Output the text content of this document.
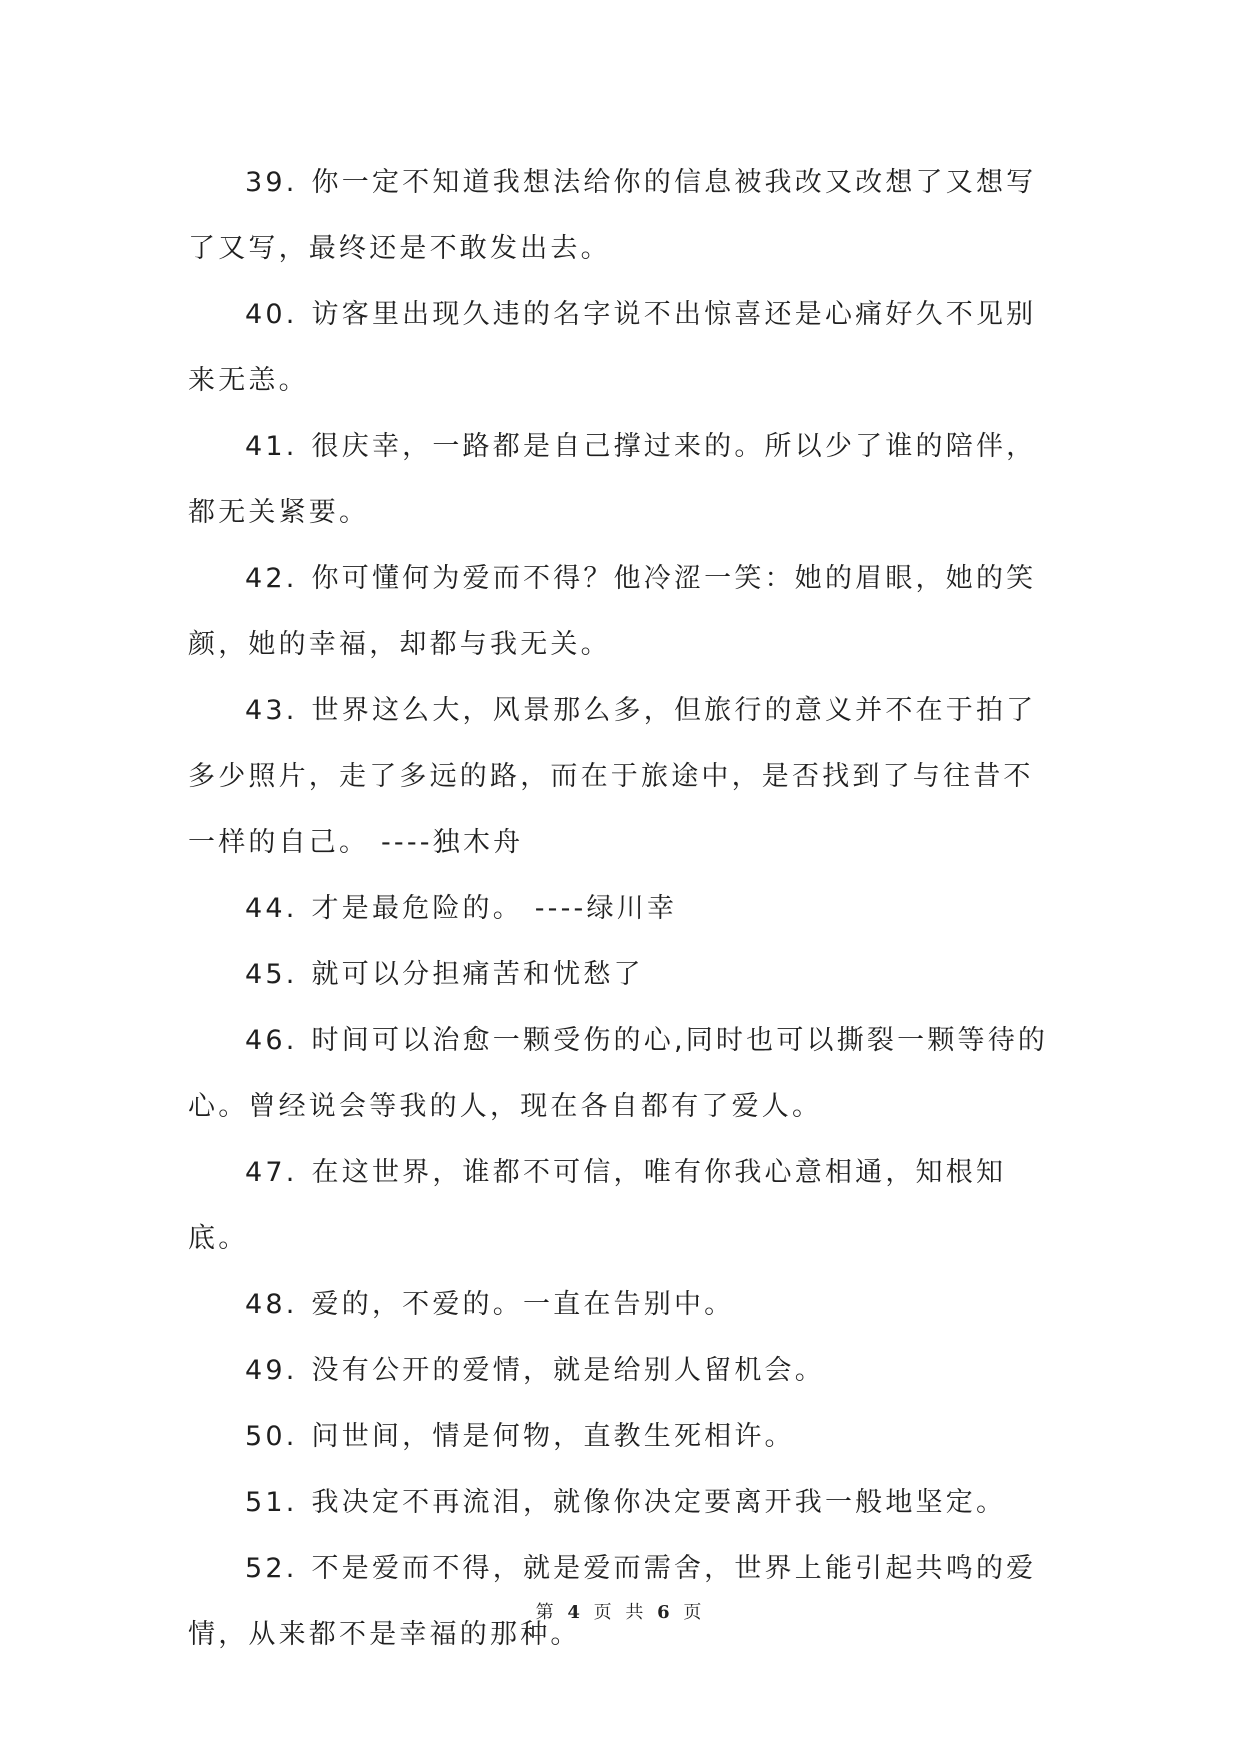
39. 你一定不知道我想法给你的信息被我改又改想了又想写了又写，最终还是不敢发出去。

40. 访客里出现久违的名字说不出惊喜还是心痛好久不见别来无恙。

41. 很庆幸，一路都是自己撑过来的。所以少了谁的陪伴，都无关紧要。

42. 你可懂何为爱而不得？他冷涩一笑：她的眉眼，她的笑颜，她的幸福，却都与我无关。

43. 世界这么大，风景那么多，但旅行的意义并不在于拍了多少照片，走了多远的路，而在于旅途中，是否找到了与往昔不一样的自己。 ----独木舟

44. 才是最危险的。 ----绿川幸

45. 就可以分担痛苦和忧愁了

46. 时间可以治愈一颗受伤的心,同时也可以撕裂一颗等待的心。曾经说会等我的人，现在各自都有了爱人。

47. 在这世界，谁都不可信，唯有你我心意相通，知根知底。

48. 爱的，不爱的。一直在告别中。

49. 没有公开的爱情，就是给别人留机会。

50. 问世间，情是何物，直教生死相许。

51. 我决定不再流泪，就像你决定要离开我一般地坚定。

52. 不是爱而不得，就是爱而需舍，世界上能引起共鸣的爱情，从来都不是幸福的那种。

第 4 页 共 6 页
